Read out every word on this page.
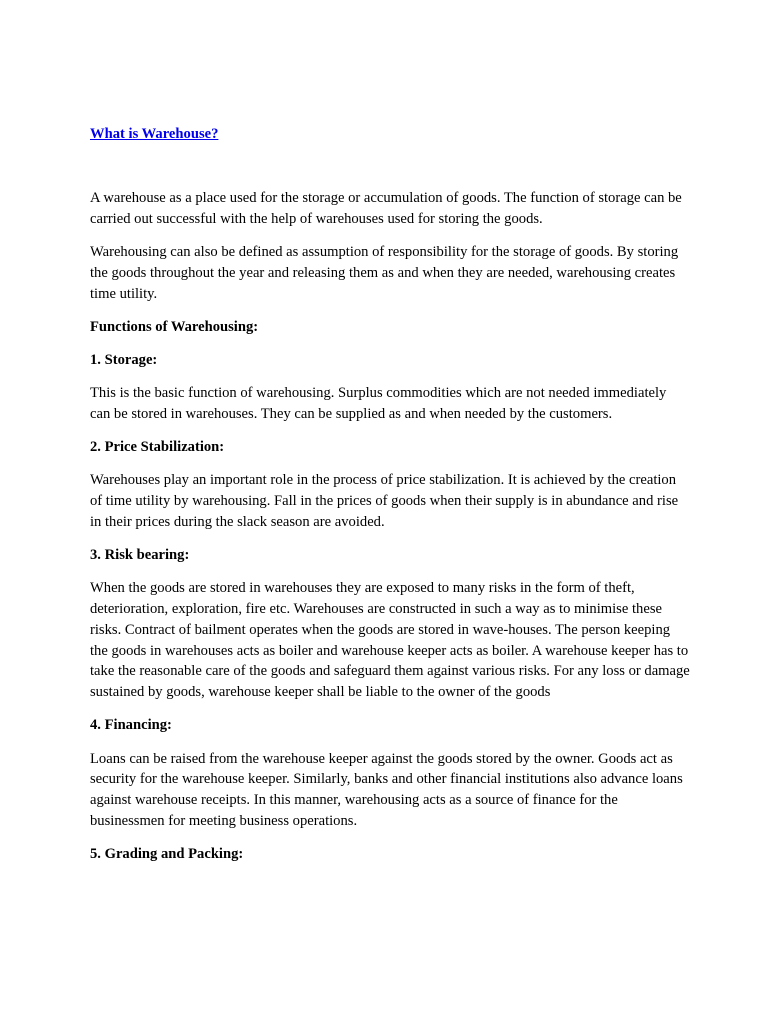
What is Warehouse?

A warehouse as a place used for the storage or accumulation of goods. The function of storage can be carried out successful with the help of warehouses used for storing the goods.

Warehousing can also be defined as assumption of responsibility for the storage of goods. By storing the goods throughout the year and releasing them as and when they are needed, warehousing creates time utility.

Functions of Warehousing:

1. Storage:

This is the basic function of warehousing. Surplus commodities which are not needed immediately can be stored in warehouses. They can be supplied as and when needed by the customers.

2. Price Stabilization:

Warehouses play an important role in the process of price stabilization. It is achieved by the creation of time utility by warehousing. Fall in the prices of goods when their supply is in abundance and rise in their prices during the slack season are avoided.

3. Risk bearing:

When the goods are stored in warehouses they are exposed to many risks in the form of theft, deterioration, exploration, fire etc. Warehouses are constructed in such a way as to minimise these risks. Contract of bailment operates when the goods are stored in wave-houses. The person keeping the goods in warehouses acts as boiler and warehouse keeper acts as boiler. A warehouse keeper has to take the reasonable care of the goods and safeguard them against various risks. For any loss or damage sustained by goods, warehouse keeper shall be liable to the owner of the goods

4. Financing:

Loans can be raised from the warehouse keeper against the goods stored by the owner. Goods act as security for the warehouse keeper. Similarly, banks and other financial institutions also advance loans against warehouse receipts. In this manner, warehousing acts as a source of finance for the businessmen for meeting business operations.

5. Grading and Packing:
